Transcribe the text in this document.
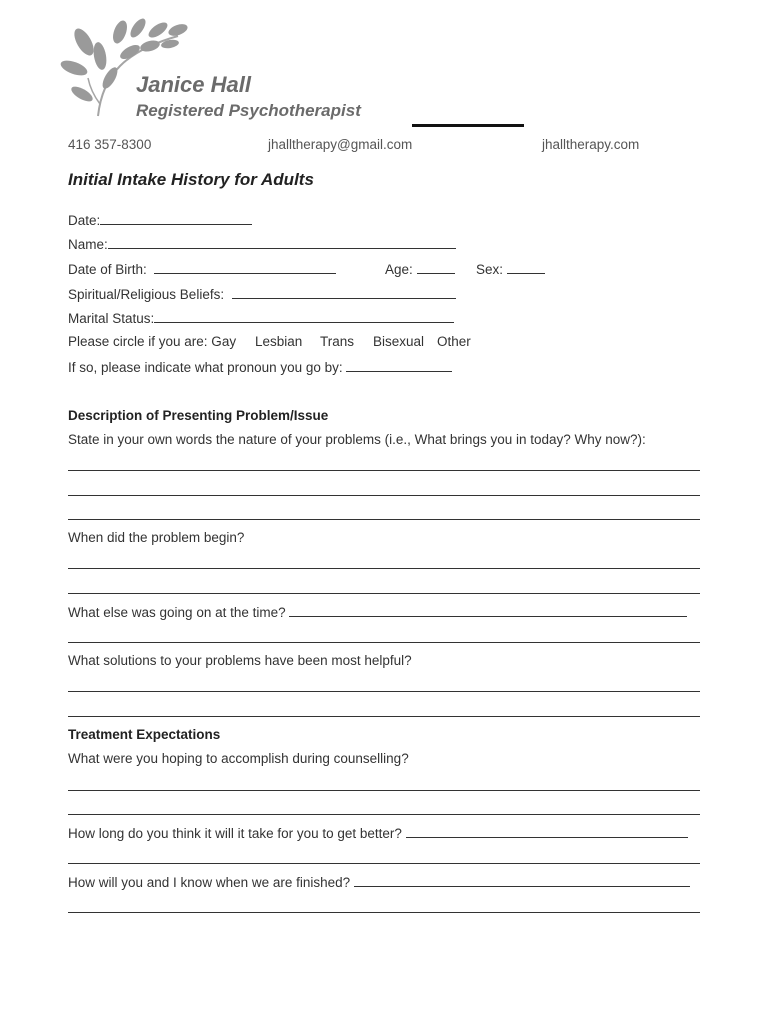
Janice Hall
Registered Psychotherapist
416 357-8300	jhalltherapy@gmail.com	jhalltherapy.com
Initial Intake History for Adults
Date:
Name:
Date of Birth:	Age:	Sex:
Spiritual/Religious Beliefs:
Marital Status:
Please circle if you are: Gay Lesbian Trans Bisexual Other
If so, please indicate what pronoun you go by:
Description of Presenting Problem/Issue
State in your own words the nature of your problems (i.e., What brings you in today? Why now?):
When did the problem begin?
What else was going on at the time?
What solutions to your problems have been most helpful?
Treatment Expectations
What were you hoping to accomplish during counselling?
How long do you think it will it take for you to get better?
How will you and I know when we are finished?
